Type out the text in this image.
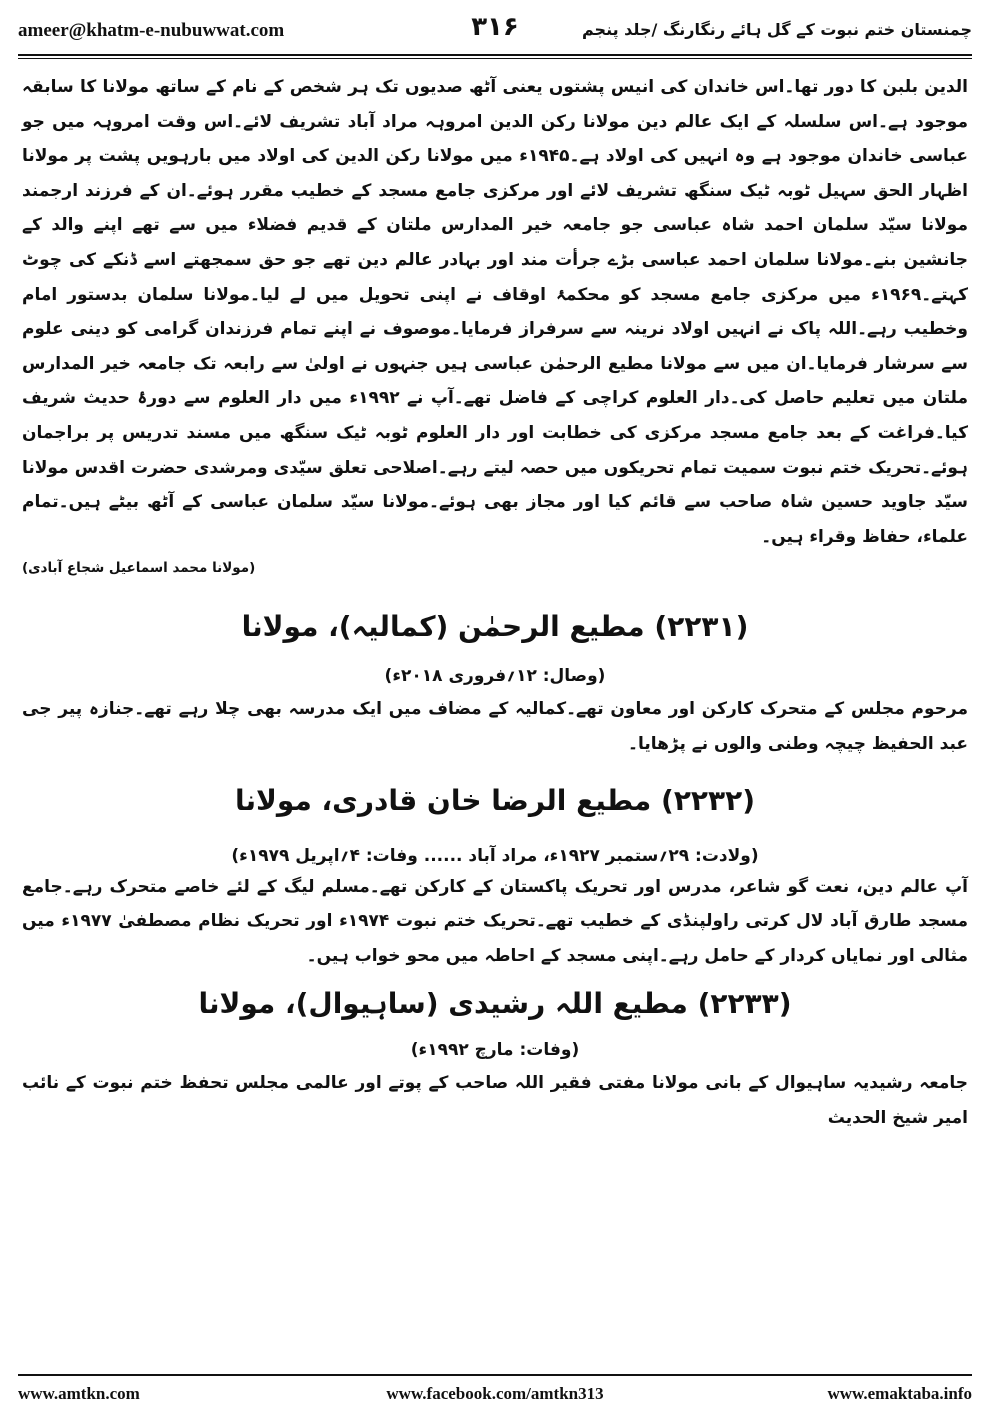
ameer@khatm-e-nubuwwat.com	۳۱۶	چمنستان ختم نبوت کے گل ہائے رنگارنگ /جلد پنجم

الدین بلبن کا دور تھا۔اس خاندان کی انیس پشتوں یعنی آٹھ صدیوں تک ہر شخص کے نام کے ساتھ مولانا کا سابقہ موجود ہے۔اس سلسلہ کے ایک عالم دین مولانا رکن الدین امروہہ مراد آباد تشریف لائے۔اس وقت امروہہ میں جو عباسی خاندان موجود ہے وہ انہیں کی اولاد ہے۔۱۹۴۵ء میں مولانا رکن الدین کی اولاد میں بارہویں پشت پر مولانا اظہار الحق سہیل ٹوبہ ٹیک سنگھ تشریف لائے اور مرکزی جامع مسجد کے خطیب مقرر ہوئے۔ان کے فرزند ارجمند مولانا سیّد سلمان احمد شاہ عباسی جو جامعہ خیر المدارس ملتان کے قدیم فضلاء میں سے تھے اپنے والد کے جانشین بنے۔مولانا سلمان احمد عباسی بڑے جرأت مند اور بہادر عالم دین تھے جو حق سمجھتے اسے ڈنکے کی چوٹ کہتے۔۱۹۶۹ء میں مرکزی جامع مسجد کو محکمۂ اوقاف نے اپنی تحویل میں لے لیا۔مولانا سلمان بدستور امام وخطیب رہے۔اللہ پاک نے انہیں اولاد نرینہ سے سرفراز فرمایا۔موصوف نے اپنے تمام فرزندان گرامی کو دینی علوم سے سرشار فرمایا۔ان میں سے مولانا مطیع الرحمٰن عباسی ہیں جنہوں نے اولیٰ سے رابعہ تک جامعہ خیر المدارس ملتان میں تعلیم حاصل کی۔دار العلوم کراچی کے فاضل تھے۔آپ نے ۱۹۹۲ء میں دار العلوم سے دورۂ حدیث شریف کیا۔فراغت کے بعد جامع مسجد مرکزی کی خطابت اور دار العلوم ٹوبہ ٹیک سنگھ میں مسند تدریس پر براجمان ہوئے۔تحریک ختم نبوت سمیت تمام تحریکوں میں حصہ لیتے رہے۔اصلاحی تعلق سیّدی ومرشدی حضرت اقدس مولانا سیّد جاوید حسین شاہ صاحب سے قائم کیا اور مجاز بھی ہوئے۔مولانا سیّد سلمان عباسی کے آٹھ بیٹے ہیں۔تمام علماء، حفاظ وقراء ہیں۔

(مولانا محمد اسماعیل شجاع آبادی)

(۲۲۳۱) مطیع الرحمٰن (کمالیہ)، مولانا
(وصال: ۱۲؍فروری ۲۰۱۸ء)

مرحوم مجلس کے متحرک کارکن اور معاون تھے۔کمالیہ کے مضاف میں ایک مدرسہ بھی چلا رہے تھے۔جنازہ پیر جی عبد الحفیظ چیچہ وطنی والوں نے پڑھایا۔

(۲۲۳۲) مطیع الرضا خان قادری، مولانا
(ولادت: ۲۹؍ستمبر ۱۹۲۷ء، مراد آباد ...... وفات: ۴؍اپریل ۱۹۷۹ء)

آپ عالم دین، نعت گو شاعر، مدرس اور تحریک پاکستان کے کارکن تھے۔مسلم لیگ کے لئے خاصے متحرک رہے۔جامع مسجد طارق آباد لال کرتی راولپنڈی کے خطیب تھے۔تحریک ختم نبوت ۱۹۷۴ء اور تحریک نظام مصطفیٰ ۱۹۷۷ء میں مثالی اور نمایاں کردار کے حامل رہے۔اپنی مسجد کے احاطہ میں محو خواب ہیں۔

(۲۲۳۳) مطیع اللہ رشیدی (ساہیوال)، مولانا
(وفات: مارچ ۱۹۹۲ء)

جامعہ رشیدیہ ساہیوال کے بانی مولانا مفتی فقیر اللہ صاحب کے پوتے اور عالمی مجلس تحفظ ختم نبوت کے نائب امیر شیخ الحدیث

www.amtkn.com	www.facebook.com/amtkn313	www.emaktaba.info
